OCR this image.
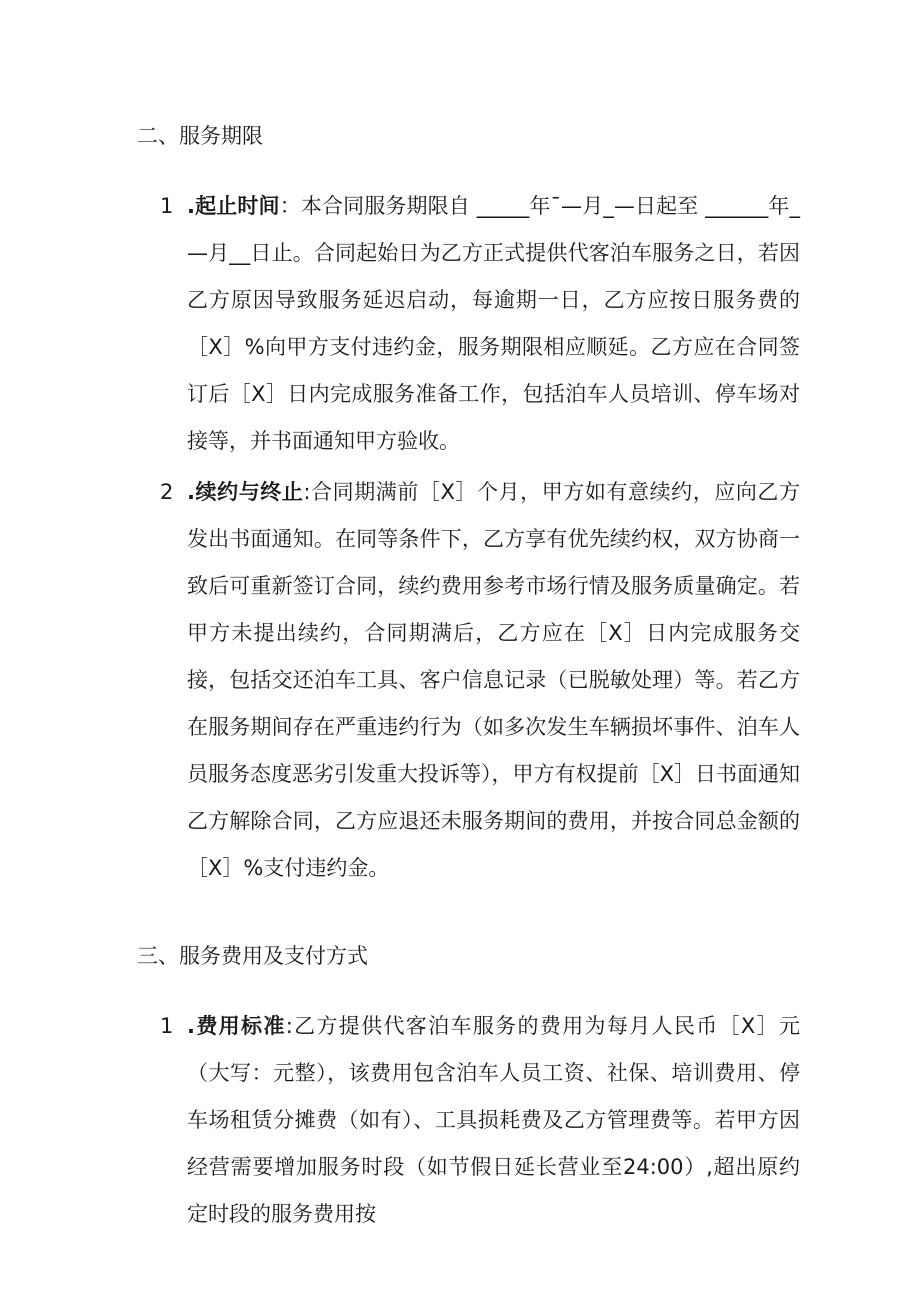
二、服务期限
1 .起止时间：本合同服务期限自 _____年¯—月_—日起至 ______年_—月__日止。合同起始日为乙方正式提供代客泊车服务之日，若因乙方原因导致服务延迟启动，每逾期一日，乙方应按日服务费的［X］%向甲方支付违约金，服务期限相应顺延。乙方应在合同签订后［X］日内完成服务准备工作，包括泊车人员培训、停车场对接等，并书面通知甲方验收。
2 .续约与终止:合同期满前［X］个月，甲方如有意续约，应向乙方发出书面通知。在同等条件下，乙方享有优先续约权，双方协商一致后可重新签订合同，续约费用参考市场行情及服务质量确定。若甲方未提出续约，合同期满后，乙方应在［X］日内完成服务交接，包括交还泊车工具、客户信息记录（已脱敏处理）等。若乙方在服务期间存在严重违约行为（如多次发生车辆损坏事件、泊车人员服务态度恶劣引发重大投诉等），甲方有权提前［X］日书面通知乙方解除合同，乙方应退还未服务期间的费用，并按合同总金额的［X］%支付违约金。
三、服务费用及支付方式
1 .费用标准:乙方提供代客泊车服务的费用为每月人民币［X］元（大写：元整），该费用包含泊车人员工资、社保、培训费用、停车场租赁分摊费（如有）、工具损耗费及乙方管理费等。若甲方因经营需要增加服务时段（如节假日延长营业至24:00）,超出原约定时段的服务费用按
